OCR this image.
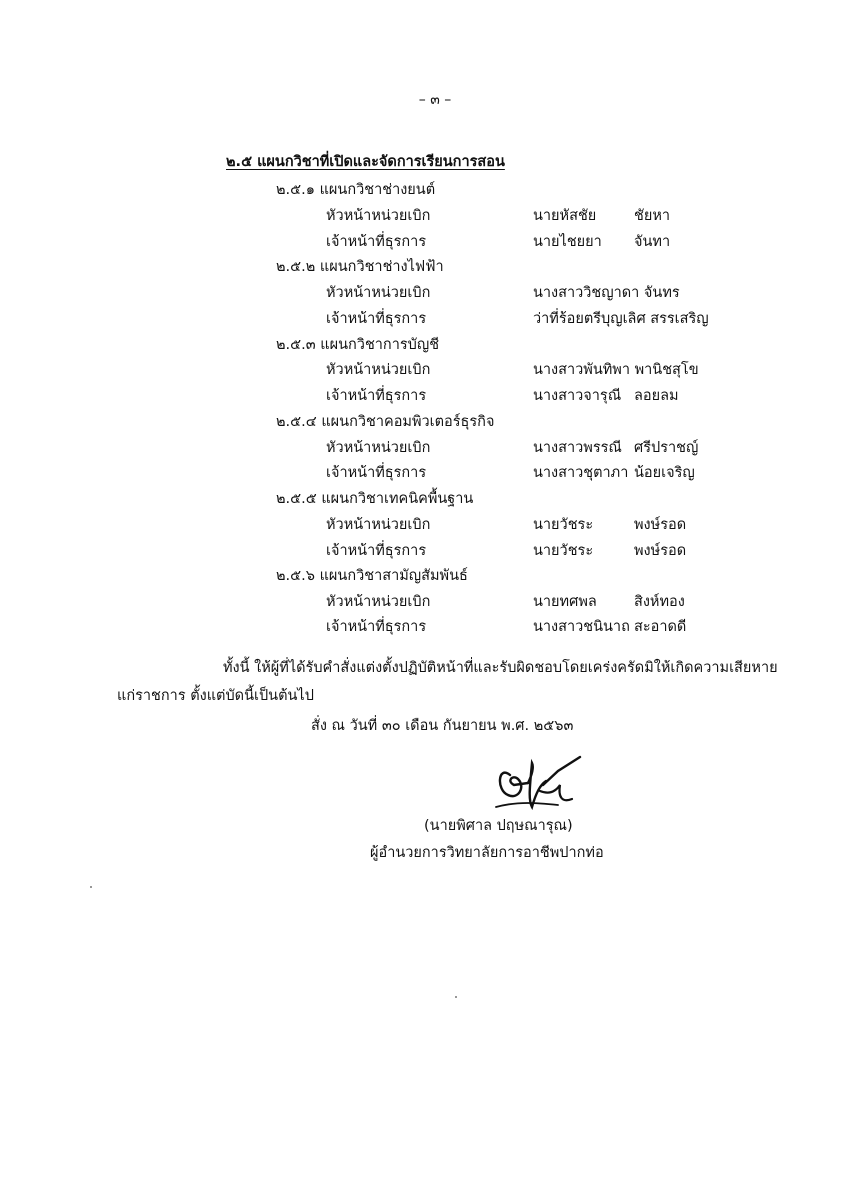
– ๓ –
๒.๕ แผนกวิชาที่เปิดและจัดการเรียนการสอน
๒.๕.๑ แผนกวิชาช่างยนต์
หัวหน้าหน่วยเบิก	นายหัสชัย	ชัยหา
เจ้าหน้าที่ธุรการ	นายไชยยา จันทา
๒.๕.๒ แผนกวิชาช่างไฟฟ้า
หัวหน้าหน่วยเบิก	นางสาววิชญาดา จันทร
เจ้าหน้าที่ธุรการ	ว่าที่ร้อยตรีบุญเลิศ สรรเสริญ
๒.๕.๓ แผนกวิชาการบัญชี
หัวหน้าหน่วยเบิก	นางสาวพันทิพา พานิชสุโข
เจ้าหน้าที่ธุรการ	นางสาวจารุณี ลอยลม
๒.๕.๔ แผนกวิชาคอมพิวเตอร์ธุรกิจ
หัวหน้าหน่วยเบิก	นางสาวพรรณี ศรีปราชญ์
เจ้าหน้าที่ธุรการ	นางสาวชุตาภา น้อยเจริญ
๒.๕.๕ แผนกวิชาเทคนิคพื้นฐาน
หัวหน้าหน่วยเบิก	นายวัชระ	พงษ์รอด
เจ้าหน้าที่ธุรการ	นายวัชระ	พงษ์รอด
๒.๕.๖ แผนกวิชาสามัญสัมพันธ์
หัวหน้าหน่วยเบิก	นายทศพล	สิงห์ทอง
เจ้าหน้าที่ธุรการ	นางสาวชนินาถ สะอาดดี
ทั้งนี้ ให้ผู้ที่ได้รับคำสั่งแต่งตั้งปฏิบัติหน้าที่และรับผิดชอบโดยเคร่งครัดมิให้เกิดความเสียหาย
แก่ราชการ ตั้งแต่บัดนี้เป็นต้นไป
สั่ง ณ วันที่ ๓๐ เดือน กันยายน พ.ศ. ๒๕๖๓
(นายพิศาล ปฤษณารุณ)
ผู้อำนวยการวิทยาลัยการอาชีพปากท่อ
